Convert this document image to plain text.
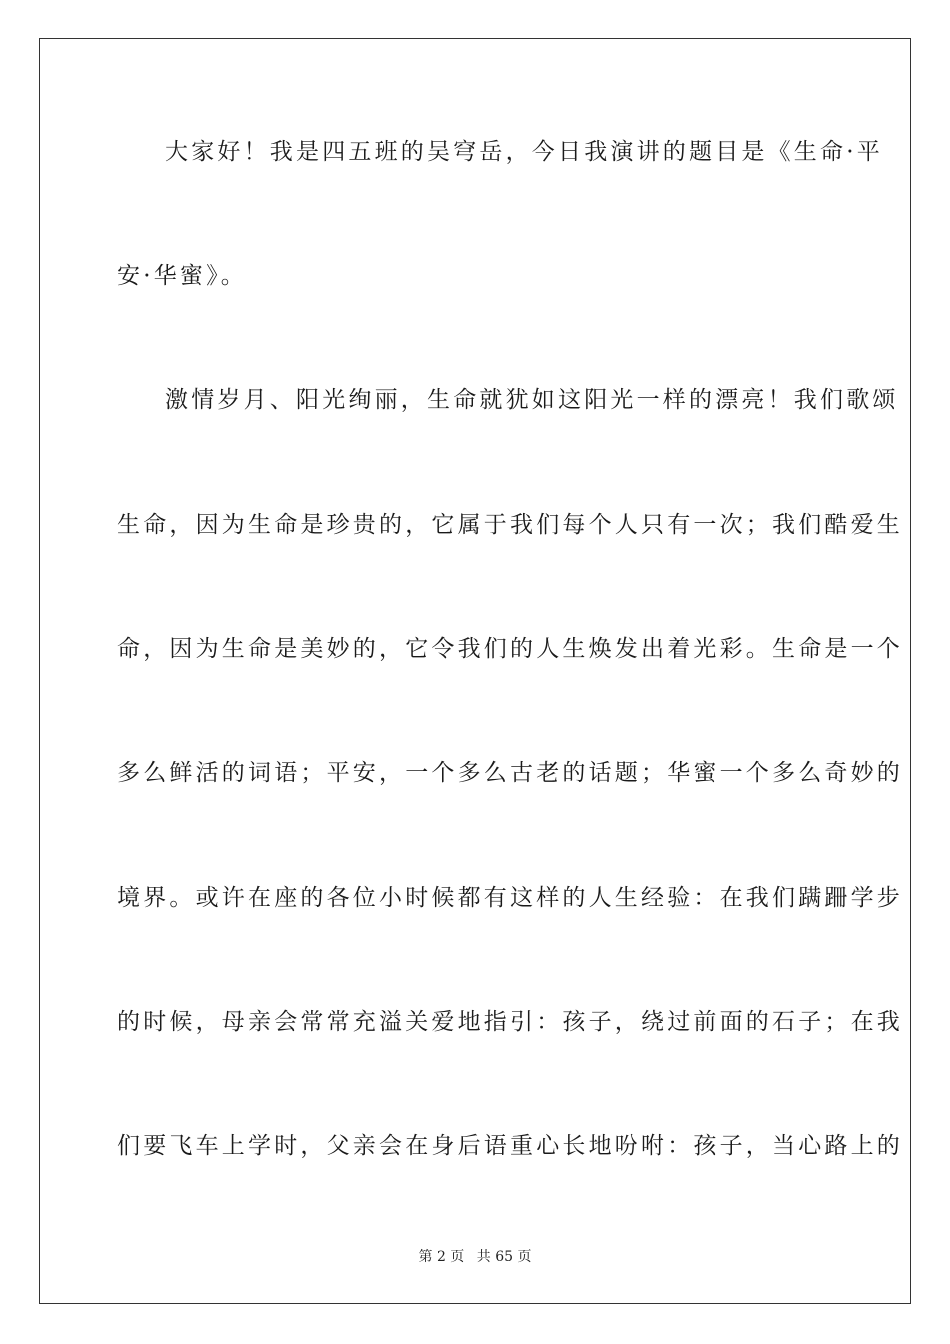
大家好！我是四五班的吴穹岳，今日我演讲的题目是《生命·平
安·华蜜》。
激情岁月、阳光绚丽，生命就犹如这阳光一样的漂亮！我们歌颂
生命，因为生命是珍贵的，它属于我们每个人只有一次；我们酷爱生
命，因为生命是美妙的，它令我们的人生焕发出着光彩。生命是一个
多么鲜活的词语；平安，一个多么古老的话题；华蜜一个多么奇妙的
境界。或许在座的各位小时候都有这样的人生经验：在我们蹒跚学步
的时候，母亲会常常充溢关爱地指引：孩子，绕过前面的石子；在我
们要飞车上学时，父亲会在身后语重心长地吩咐：孩子，当心路上的
第 2 页 共 65 页
